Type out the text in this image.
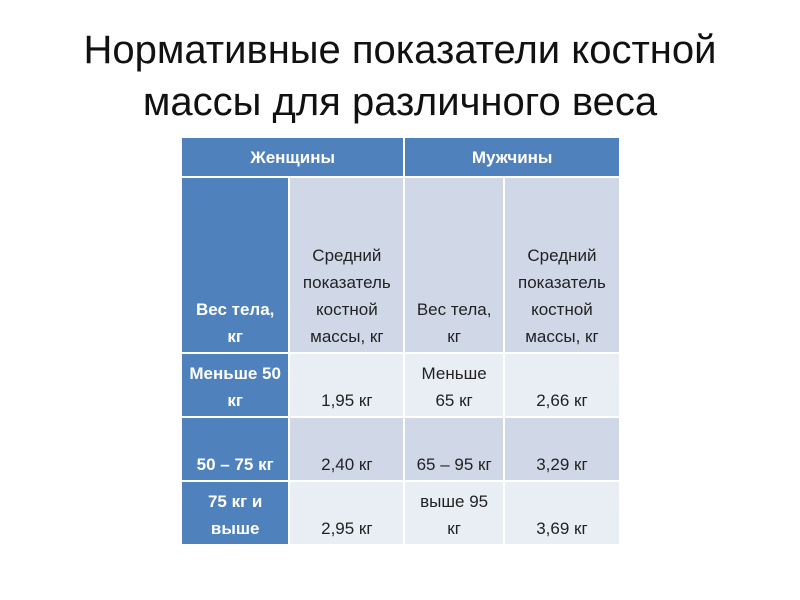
Нормативные показатели костной массы для различного веса
Женщины		Мужчины	
Вес тела, кг	Средний показатель костной массы, кг	Вес тела, кг	Средний показатель костной массы, кг
Меньше 50 кг	1,95 кг	Меньше 65 кг	2,66 кг
50 – 75 кг	2,40 кг	65 – 95 кг	3,29 кг
75 кг и выше	2,95 кг	выше 95 кг	3,69 кг
